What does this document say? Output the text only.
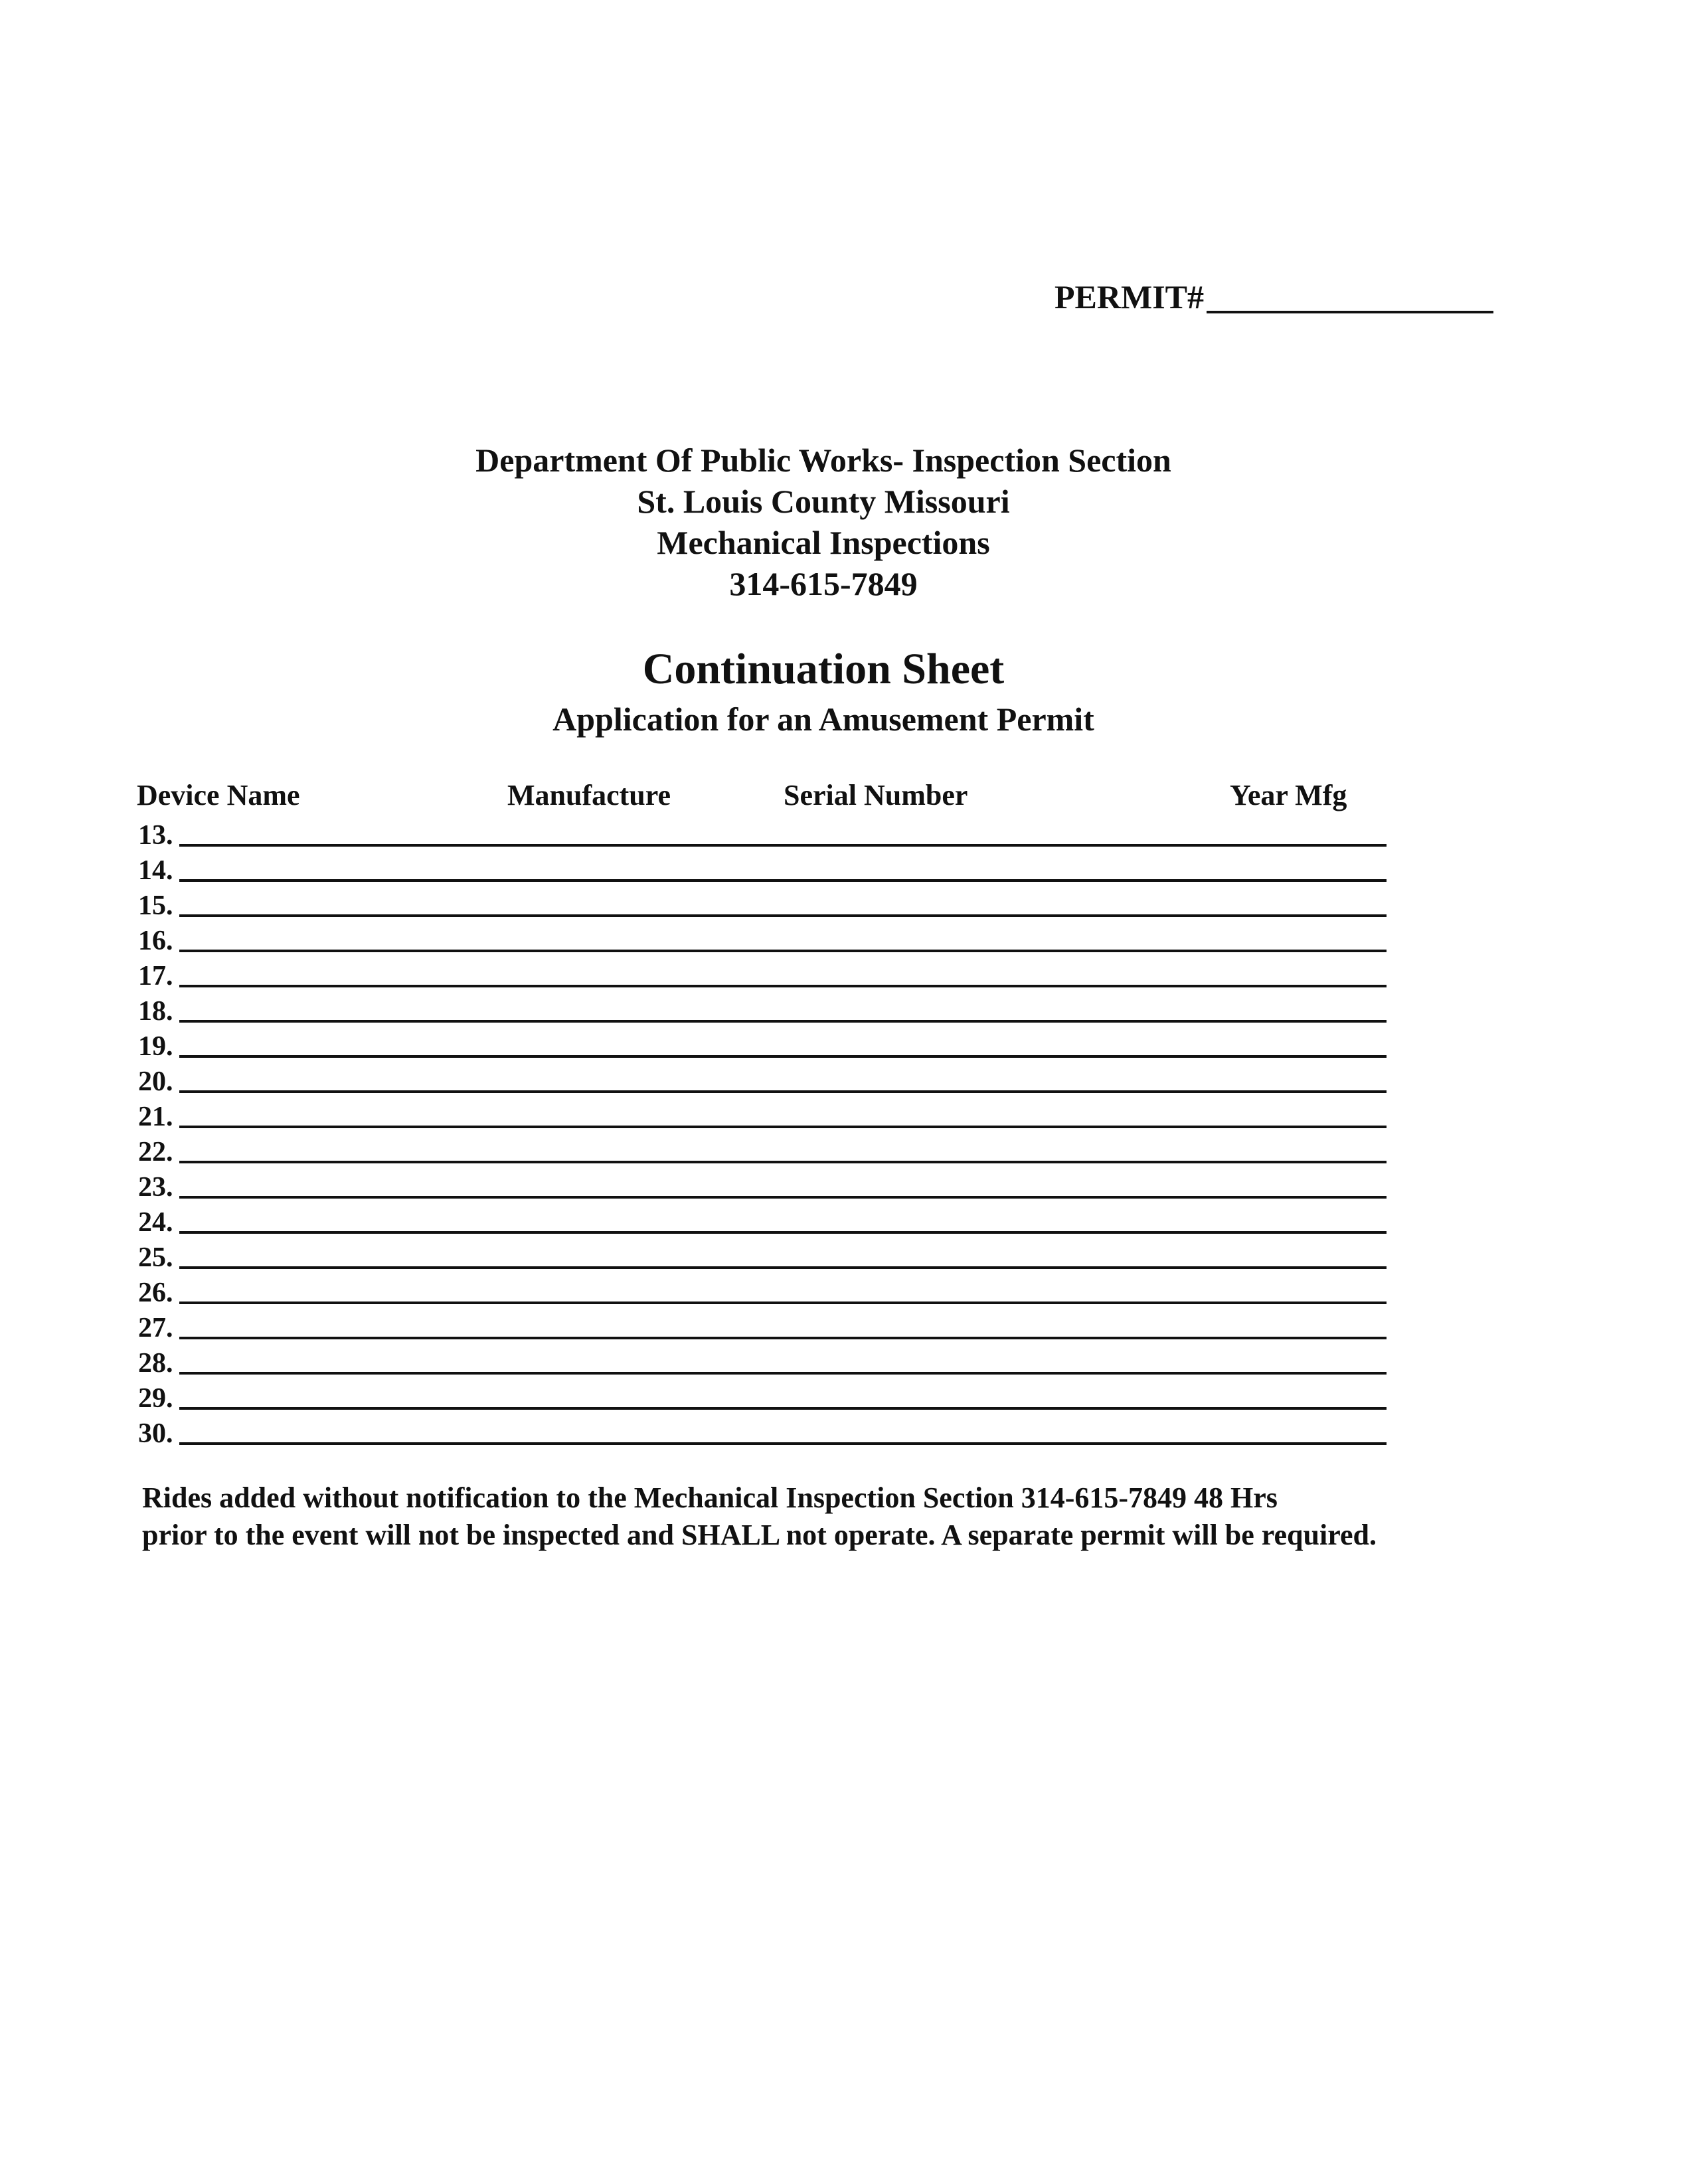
PERMIT#
Department Of Public Works- Inspection Section
St. Louis County Missouri
Mechanical Inspections
314-615-7849
Continuation Sheet
Application for an Amusement Permit
Device Name	Manufacture	Serial Number	Year Mfg
13.
14.
15.
16.
17.
18.
19.
20.
21.
22.
23.
24.
25.
26.
27.
28.
29.
30.
Rides added without notification to the Mechanical Inspection Section 314-615-7849 48 Hrs
prior to the event will not be inspected and SHALL not operate. A separate permit will be required.
